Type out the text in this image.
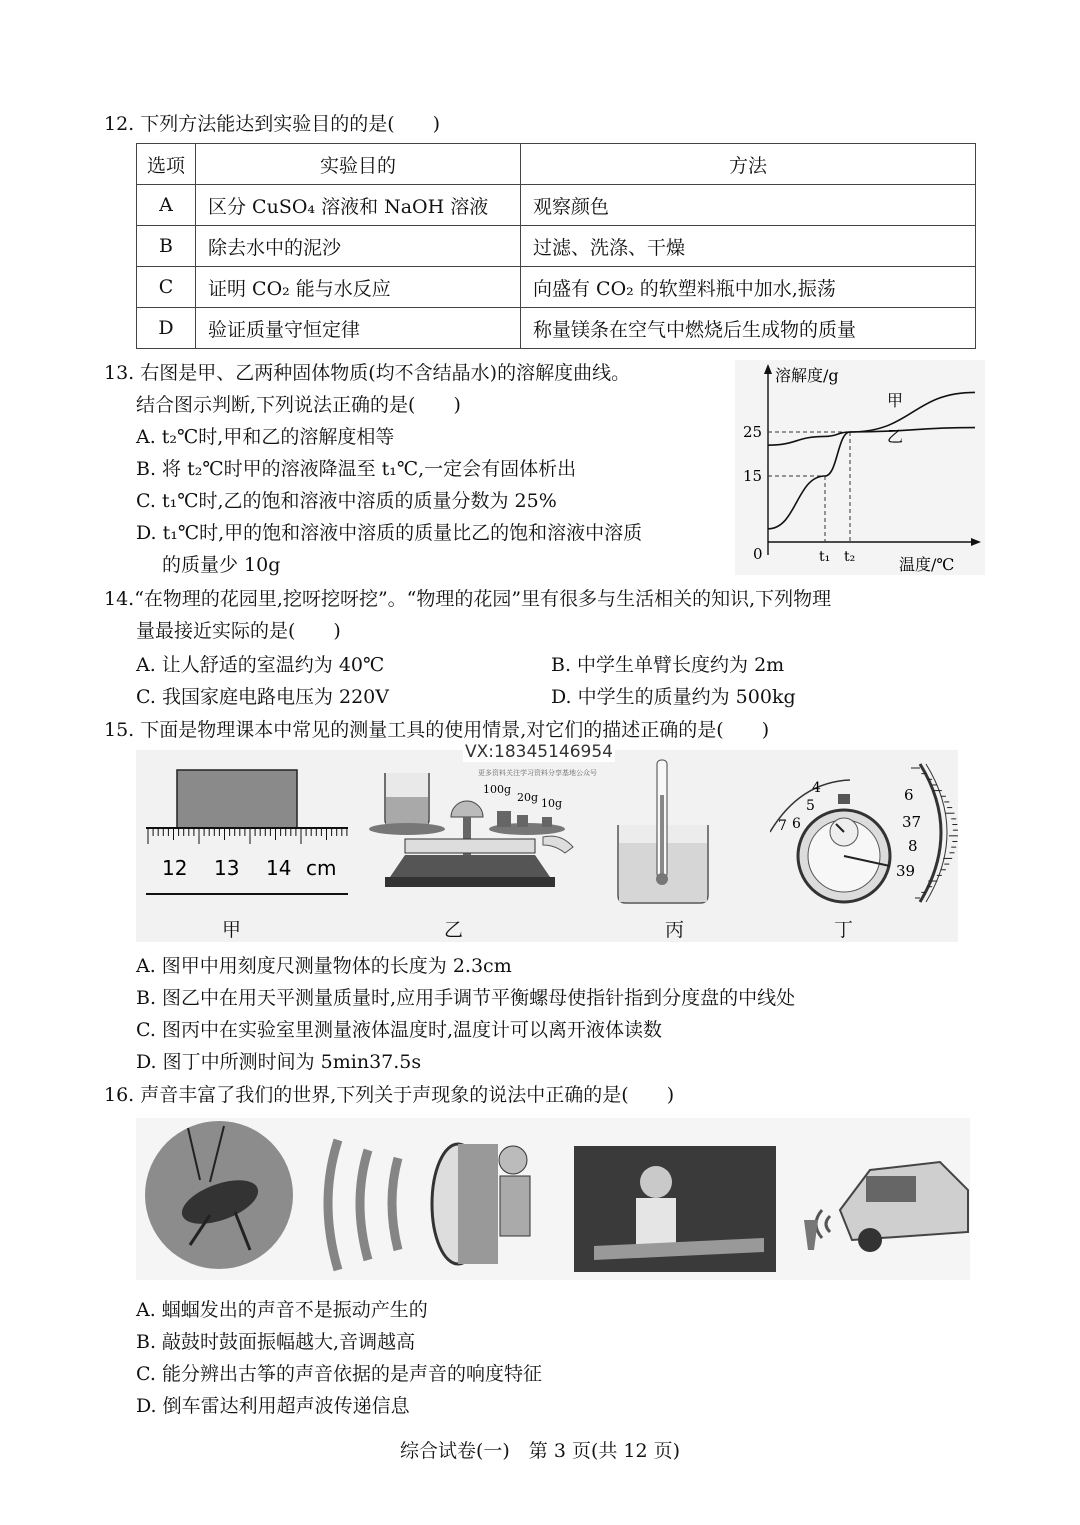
12. 下列方法能达到实验目的的是(　　)
选项	实验目的	方法
A	区分 CuSO₄ 溶液和 NaOH 溶液	观察颜色
B	除去水中的泥沙	过滤、洗涤、干燥
C	证明 CO₂ 能与水反应	向盛有 CO₂ 的软塑料瓶中加水,振荡
D	验证质量守恒定律	称量镁条在空气中燃烧后生成物的质量
13. 右图是甲、乙两种固体物质(均不含结晶水)的溶解度曲线。
结合图示判断,下列说法正确的是(　　)
A. t₂℃时,甲和乙的溶解度相等
B. 将 t₂℃时甲的溶液降温至 t₁℃,一定会有固体析出
C. t₁℃时,乙的饱和溶液中溶质的质量分数为 25%
D. t₁℃时,甲的饱和溶液中溶质的质量比乙的饱和溶液中溶质
的质量少 10g
溶解度/g
温度/℃
0
25
15
t₁ t₂
甲
乙
14.“在物理的花园里,挖呀挖呀挖”。“物理的花园”里有很多与生活相关的知识,下列物理
量最接近实际的是(　　)
A. 让人舒适的室温约为 40℃	B. 中学生单臂长度约为 2m
C. 我国家庭电路电压为 220V	D. 中学生的质量约为 500kg
15. 下面是物理课本中常见的测量工具的使用情景,对它们的描述正确的是(　　)
12 13 14 cm
100g
20g 10g	6
37
8
39
4
5
6
7
甲	乙	丙	丁
VX:18345146954
更多资料关注学习资料分享基地公众号
A. 图甲中用刻度尺测量物体的长度为 2.3cm
B. 图乙中在用天平测量质量时,应用手调节平衡螺母使指针指到分度盘的中线处
C. 图丙中在实验室里测量液体温度时,温度计可以离开液体读数
D. 图丁中所测时间为 5min37.5s
16. 声音丰富了我们的世界,下列关于声现象的说法中正确的是(　　)
A. 蝈蝈发出的声音不是振动产生的
B. 敲鼓时鼓面振幅越大,音调越高
C. 能分辨出古筝的声音依据的是声音的响度特征
D. 倒车雷达利用超声波传递信息
综合试卷(一)　第 3 页(共 12 页)
